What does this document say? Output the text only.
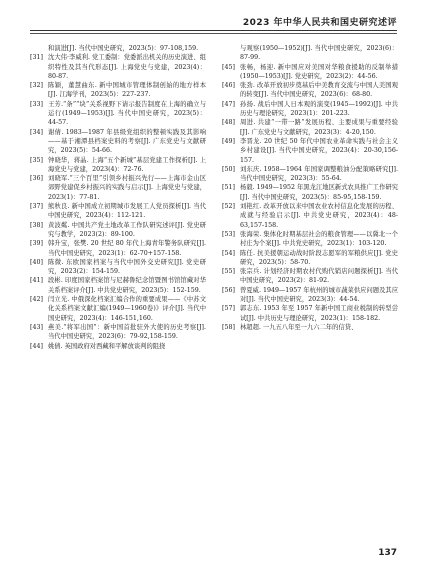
2023 年中华人民共和国史研究述评

和演进[J]. 当代中国史研究，2023(5)：97-108,159.

[31] 沈大伟·李威利. 党工委制：党委派出机关的历史演进、组织特性及其当代形态[J]. 上海党史与党建，2023(4)：80-87.

[32] 陈颖，董慧曲东. 新中国城市管理体制创始的地方样本[J]. 江海学刊，2023(5)：227-237.

[33] 王芳.“条”“块”关系视野下请示报告制度在上海的确立与运行(1949—1953)[J]. 当代中国史研究，2023(5)：44-57.

[34] 谢倩. 1983—1987 年县级党组织的整顿实践及其影响——基于湘潭县档案史料的考察[J]. 广东党史与文献研究，2023(5)：54-66.

[35] 钟晓华，蒋晶. 上海“五个新城”基层党建工作探析[J]. 上海党史与党建，2023(4)：72-76.

[36] 刘晓军.“三个百里”引领乡村振兴先行——上海市金山区郊野党建促乡村振兴的实践与启示[J]. 上海党史与党建，2023(1)：77-81.

[37] 熊秋良. 新中国成立初期城市发展工人党员探析[J]. 当代中国史研究，2023(4)：112-121.

[38] 黄波粼. 中国共产党土地改革工作队研究述评[J]. 党史研究与教学，2023(2)：89-100.

[39] 韩升宝，张樊. 20 世纪 80 年代上海青年警务队研究[J]. 当代中国史研究，2023(1)：62-70+157-158.

[40] 陈微. 东欧国家档案与当代中国外交史研究[J]. 党史研究，2023(2)：154-159.

[41] 段彬. 印度国家档案馆与尼赫鲁纪念馆暨图书馆馆藏对华关系档案评介[J]. 中共党史研究，2023(5)：152-159.

[42] 闫立光. 中俄深化档案汇编合作的重要成果——《中苏文化关系档案文献汇编(1949—1960卷)》评介[J]. 当代中国史研究，2023(4)：146-151,160.

[43] 燕美.“将军出国”：新中国首批驻外大使的历史考察[J]. 当代中国史研究，2023(6)：79-92,158-159.

[44] 姚倩. 英国政府对西藏和平解放谈判的阻挠

与观察(1950—1952)[J]. 当代中国史研究，2023(6)：87-99.

[45] 张畅，杨迎. 新中国应对美国对华粮食援助的反制举措(1950—1953)[J]. 党史研究，2023(2)：44-56.

[46] 张劲. 改革开放初步奠基后中美教育交流与中国人美国观的转变[J]. 当代中国史研究，2023(6)：68-80.

[47] 孙扬. 战后中国人日本观的演变(1945—1992)[J]. 中共历史与理论研究，2023(1)：201-223.

[48] 周进. 共建“一带一路”发展历程、主要成果与重要经验[J]. 广东党史与文献研究，2023(3)：4-20,150.

[49] 李晋龙. 20 世纪 50 年代中国农业革命实践与社会主义乡村建设[J]. 当代中国史研究，2023(4)：20-30,156-157.

[50] 刘东庆. 1958—1964 年国家调整粮油分配策略研究[J]. 当代中国史研究，2023(3)：55-64.

[51] 杨毅. 1949—1952 年黑龙江地区新式农具推广工作研究[J]. 当代中国史研究，2023(5)：85-95,158-159.

[52] 刘艳红. 改革开放以来中国农业农村信息化发展的历程、成就与经验启示[J]. 中共党史研究，2023(4)：48-63,157-158.

[53] 张海荣. 集体化时期基层社会的粮食管理——以冀北一个村庄为个案[J]. 中共党史研究，2023(1)：103-120.

[54] 陈任. 抗美援朝运动战时阶段志愿军的军粮供应[J]. 党史研究，2023(5)：58-70.

[55] 张宗兵. 计划经济时期农村代购代销店问题探析[J]. 当代中国史研究，2023(2)：81-92.

[56] 曾夏威. 1949—1957 年杭州的城市蔬菜供应问题及其应对[J]. 当代中国史研究，2023(3)：44-54.

[57] 郭志东. 1953 年至 1957 年新中国工商业税制的转型尝试[J]. 中共历史与理论研究，2023(1)：158-182.

[58] 林超超. 一九五八年至一九六二年的信贷、

137
